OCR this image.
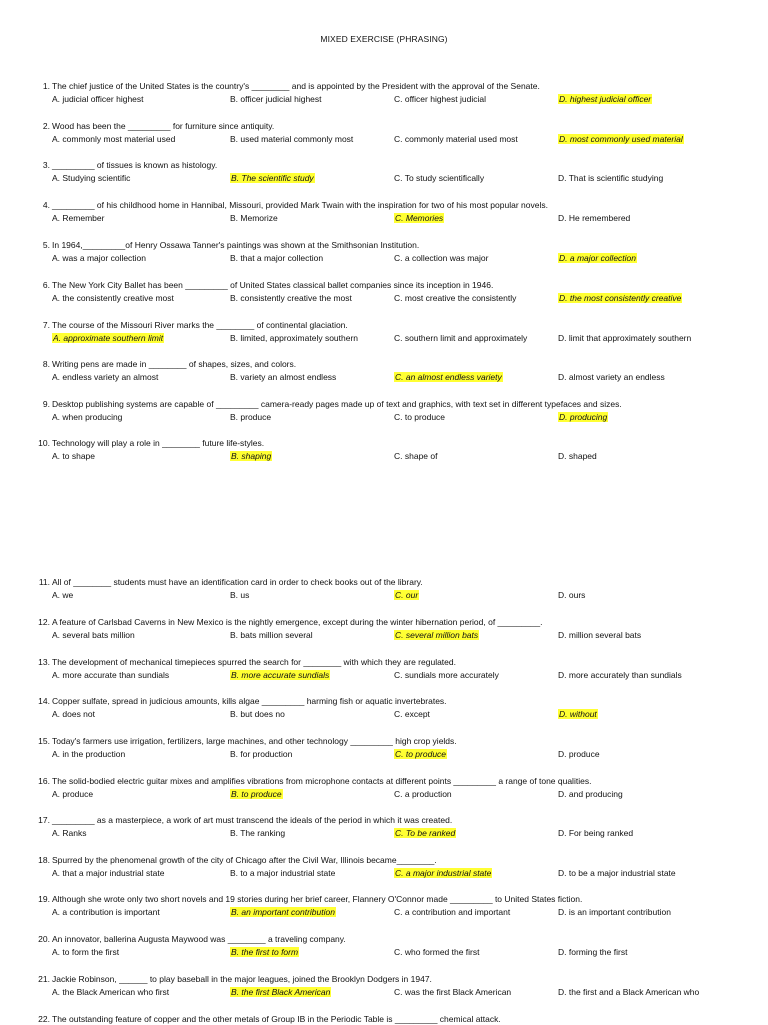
MIXED EXERCISE (PHRASING)
1. The chief justice of the United States is the country's ________ and is appointed by the President with the approval of the Senate.
A. judicial officer highest	B. officer judicial highest	C. officer highest judicial	D. highest judicial officer
2. Wood has been the _________ for furniture since antiquity.
A. commonly most material used	B. used material commonly most	C. commonly material used most	D. most commonly used material
3. _________ of tissues is known as histology.
A. Studying scientific	B. The scientific study	C. To study scientifically	D. That is scientific studying
4. _________ of his childhood home in Hannibal, Missouri, provided Mark Twain with the inspiration for two of his most popular novels.
A. Remember	B. Memorize	C. Memories	D. He remembered
5. In 1964,_________of Henry Ossawa Tanner's paintings was shown at the Smithsonian Institution.
A. was a major collection	B. that a major collection	C. a collection was major	D. a major collection
6. The New York City Ballet has been _________ of United States classical ballet companies since its inception in 1946.
A. the consistently creative most	B. consistently creative the most	C. most creative the consistently	D. the most consistently creative
7. The course of the Missouri River marks the ________ of continental glaciation.
A. approximate southern limit	B. limited, approximately southern	C. southern limit and approximately	D. limit that approximately southern
8. Writing pens are made in ________ of shapes, sizes, and colors.
A. endless variety an almost	B. variety an almost endless	C. an almost endless variety	D. almost variety an endless
9. Desktop publishing systems are capable of _________ camera-ready pages made up of text and graphics, with text set in different typefaces and sizes.
A. when producing	B. produce	C. to produce	D. producing
10. Technology will play a role in ________ future life-styles.
A. to shape	B. shaping	C. shape of	D. shaped
11. All of ________ students must have an identification card in order to check books out of the library.
A. we	B. us	C. our	D. ours
12. A feature of Carlsbad Caverns in New Mexico is the nightly emergence, except during the winter hibernation period, of _________.
A. several bats million	B. bats million several	C. several million bats	D. million several bats
13. The development of mechanical timepieces spurred the search for ________ with which they are regulated.
A. more accurate than sundials	B. more accurate sundials	C. sundials more accurately	D. more accurately than sundials
14. Copper sulfate, spread in judicious amounts, kills algae _________ harming fish or aquatic invertebrates.
A. does not	B. but does no	C. except	D. without
15. Today's farmers use irrigation, fertilizers, large machines, and other technology _________ high crop yields.
A. in the production	B. for production	C. to produce	D. produce
16. The solid-bodied electric guitar mixes and amplifies vibrations from microphone contacts at different points _________ a range of tone qualities.
A. produce	B. to produce	C. a production	D. and producing
17. _________ as a masterpiece, a work of art must transcend the ideals of the period in which it was created.
A. Ranks	B. The ranking	C. To be ranked	D. For being ranked
18. Spurred by the phenomenal growth of the city of Chicago after the Civil War, Illinois became________.
A. that a major industrial state	B. to a major industrial state	C. a major industrial state	D. to be a major industrial state
19. Although she wrote only two short novels and 19 stories during her brief career, Flannery O'Connor made _________ to United States fiction.
A. a contribution is important	B. an important contribution	C. a contribution and important	D. is an important contribution
20. An innovator, ballerina Augusta Maywood was ________ a traveling company.
A. to form the first	B. the first to form	C. who formed the first	D. forming the first
21. Jackie Robinson, ______ to play baseball in the major leagues, joined the Brooklyn Dodgers in 1947.
A. the Black American who first	B. the first Black American	C. was the first Black American	D. the first and a Black American who
22. The outstanding feature of copper and the other metals of Group IB in the Periodic Table is _________ chemical attack.
